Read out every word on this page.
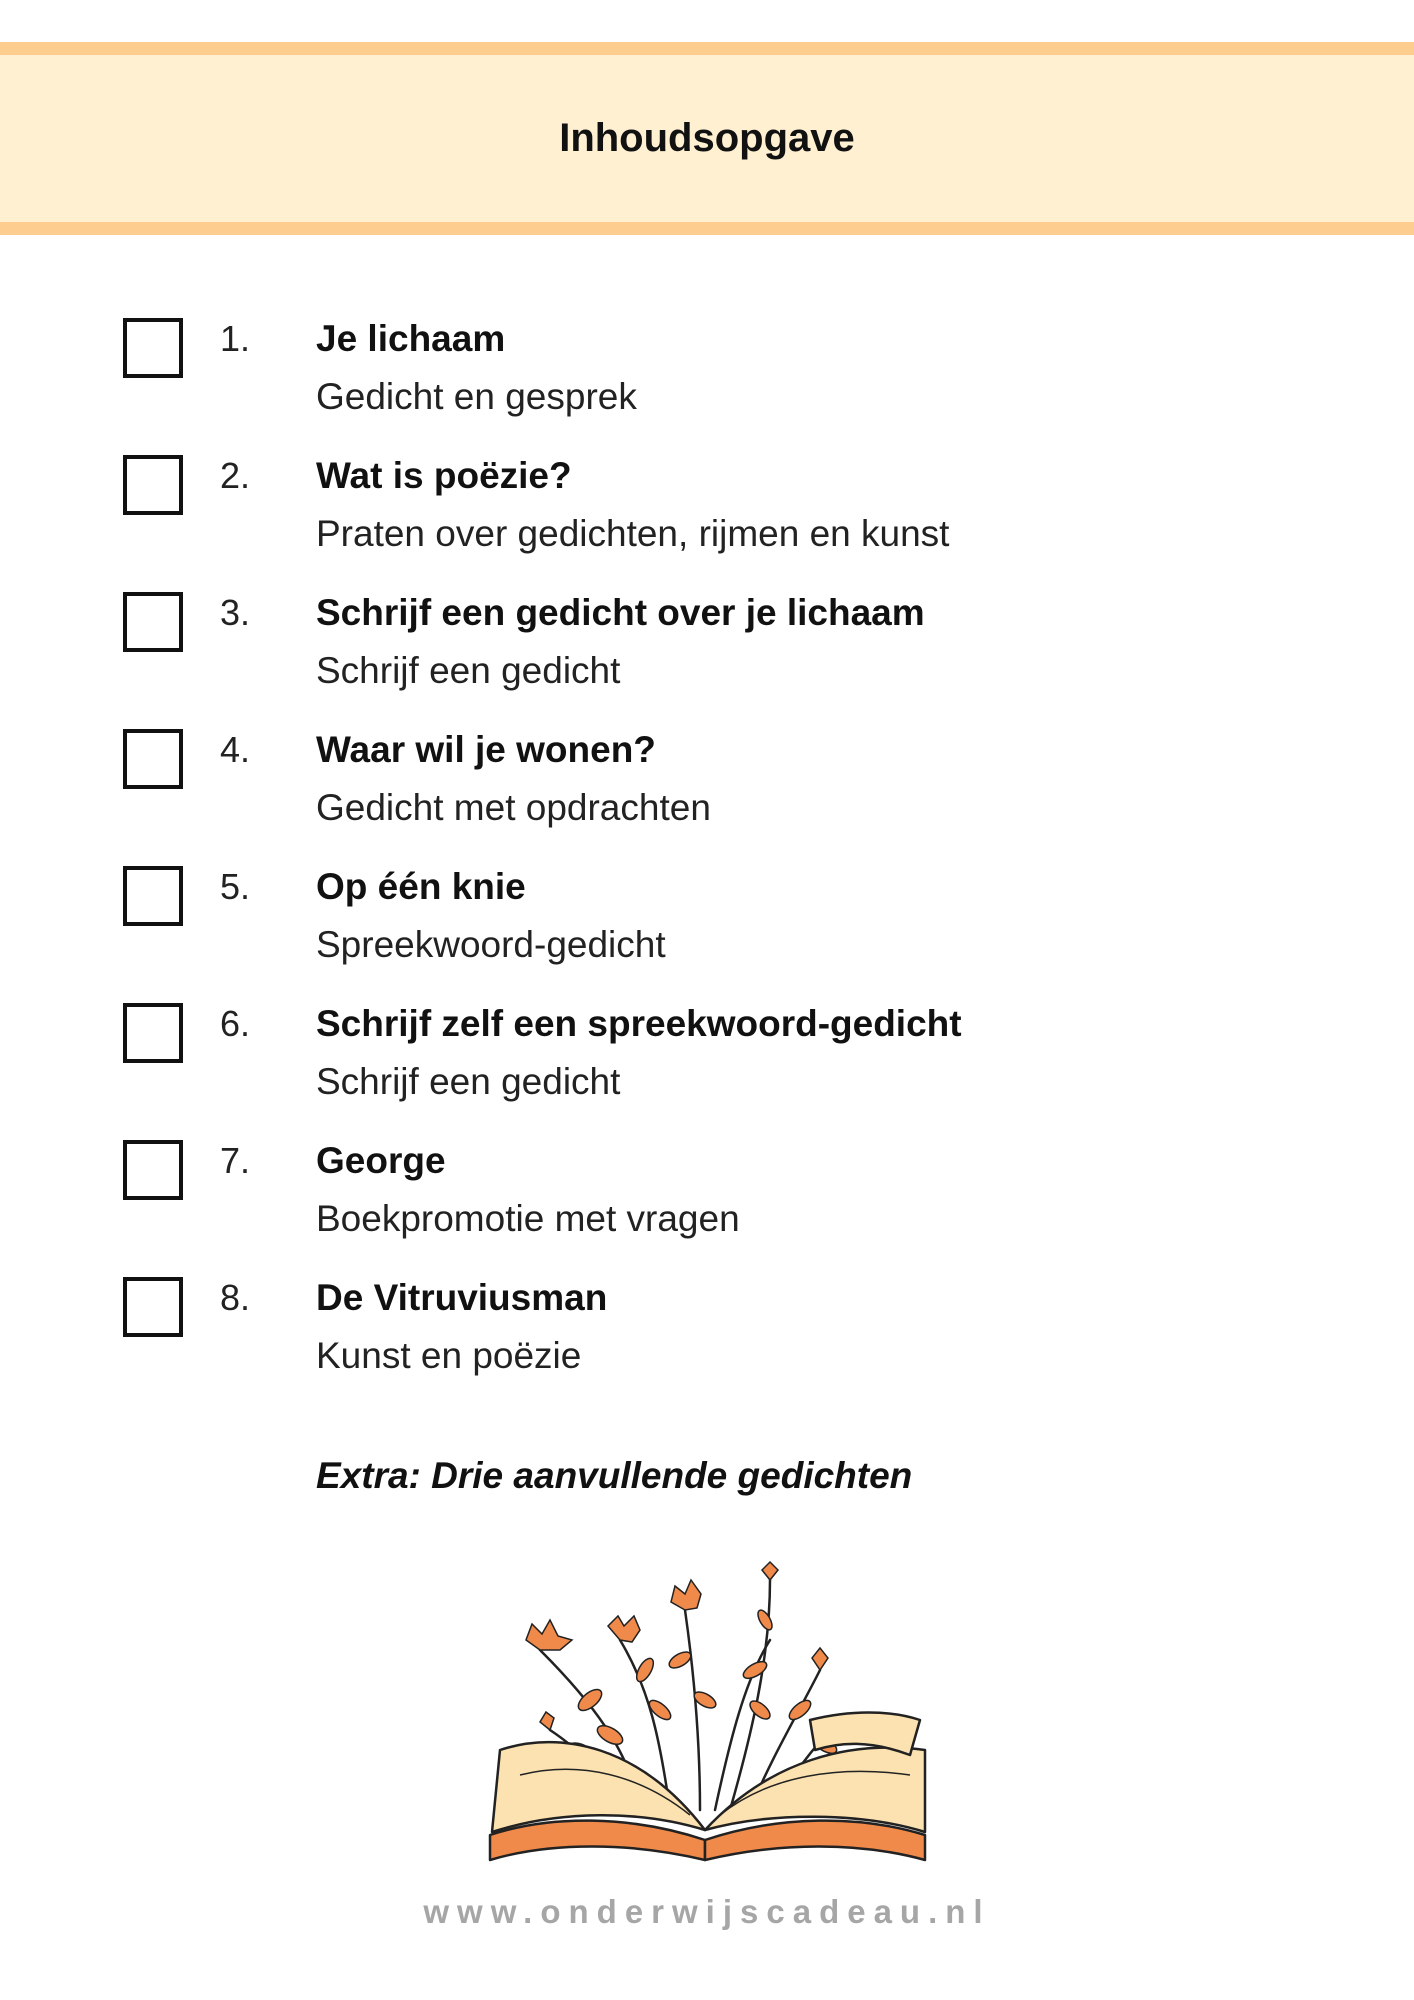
Inhoudsopgave
1. Je lichaam
Gedicht en gesprek
2. Wat is poëzie?
Praten over gedichten, rijmen en kunst
3. Schrijf een gedicht over je lichaam
Schrijf een gedicht
4. Waar wil je wonen?
Gedicht met opdrachten
5. Op één knie
Spreekwoord-gedicht
6. Schrijf zelf een spreekwoord-gedicht
Schrijf een gedicht
7. George
Boekpromotie met vragen
8. De Vitruviusman
Kunst en poëzie
Extra: Drie aanvullende gedichten
www.onderwijscadeau.nl
